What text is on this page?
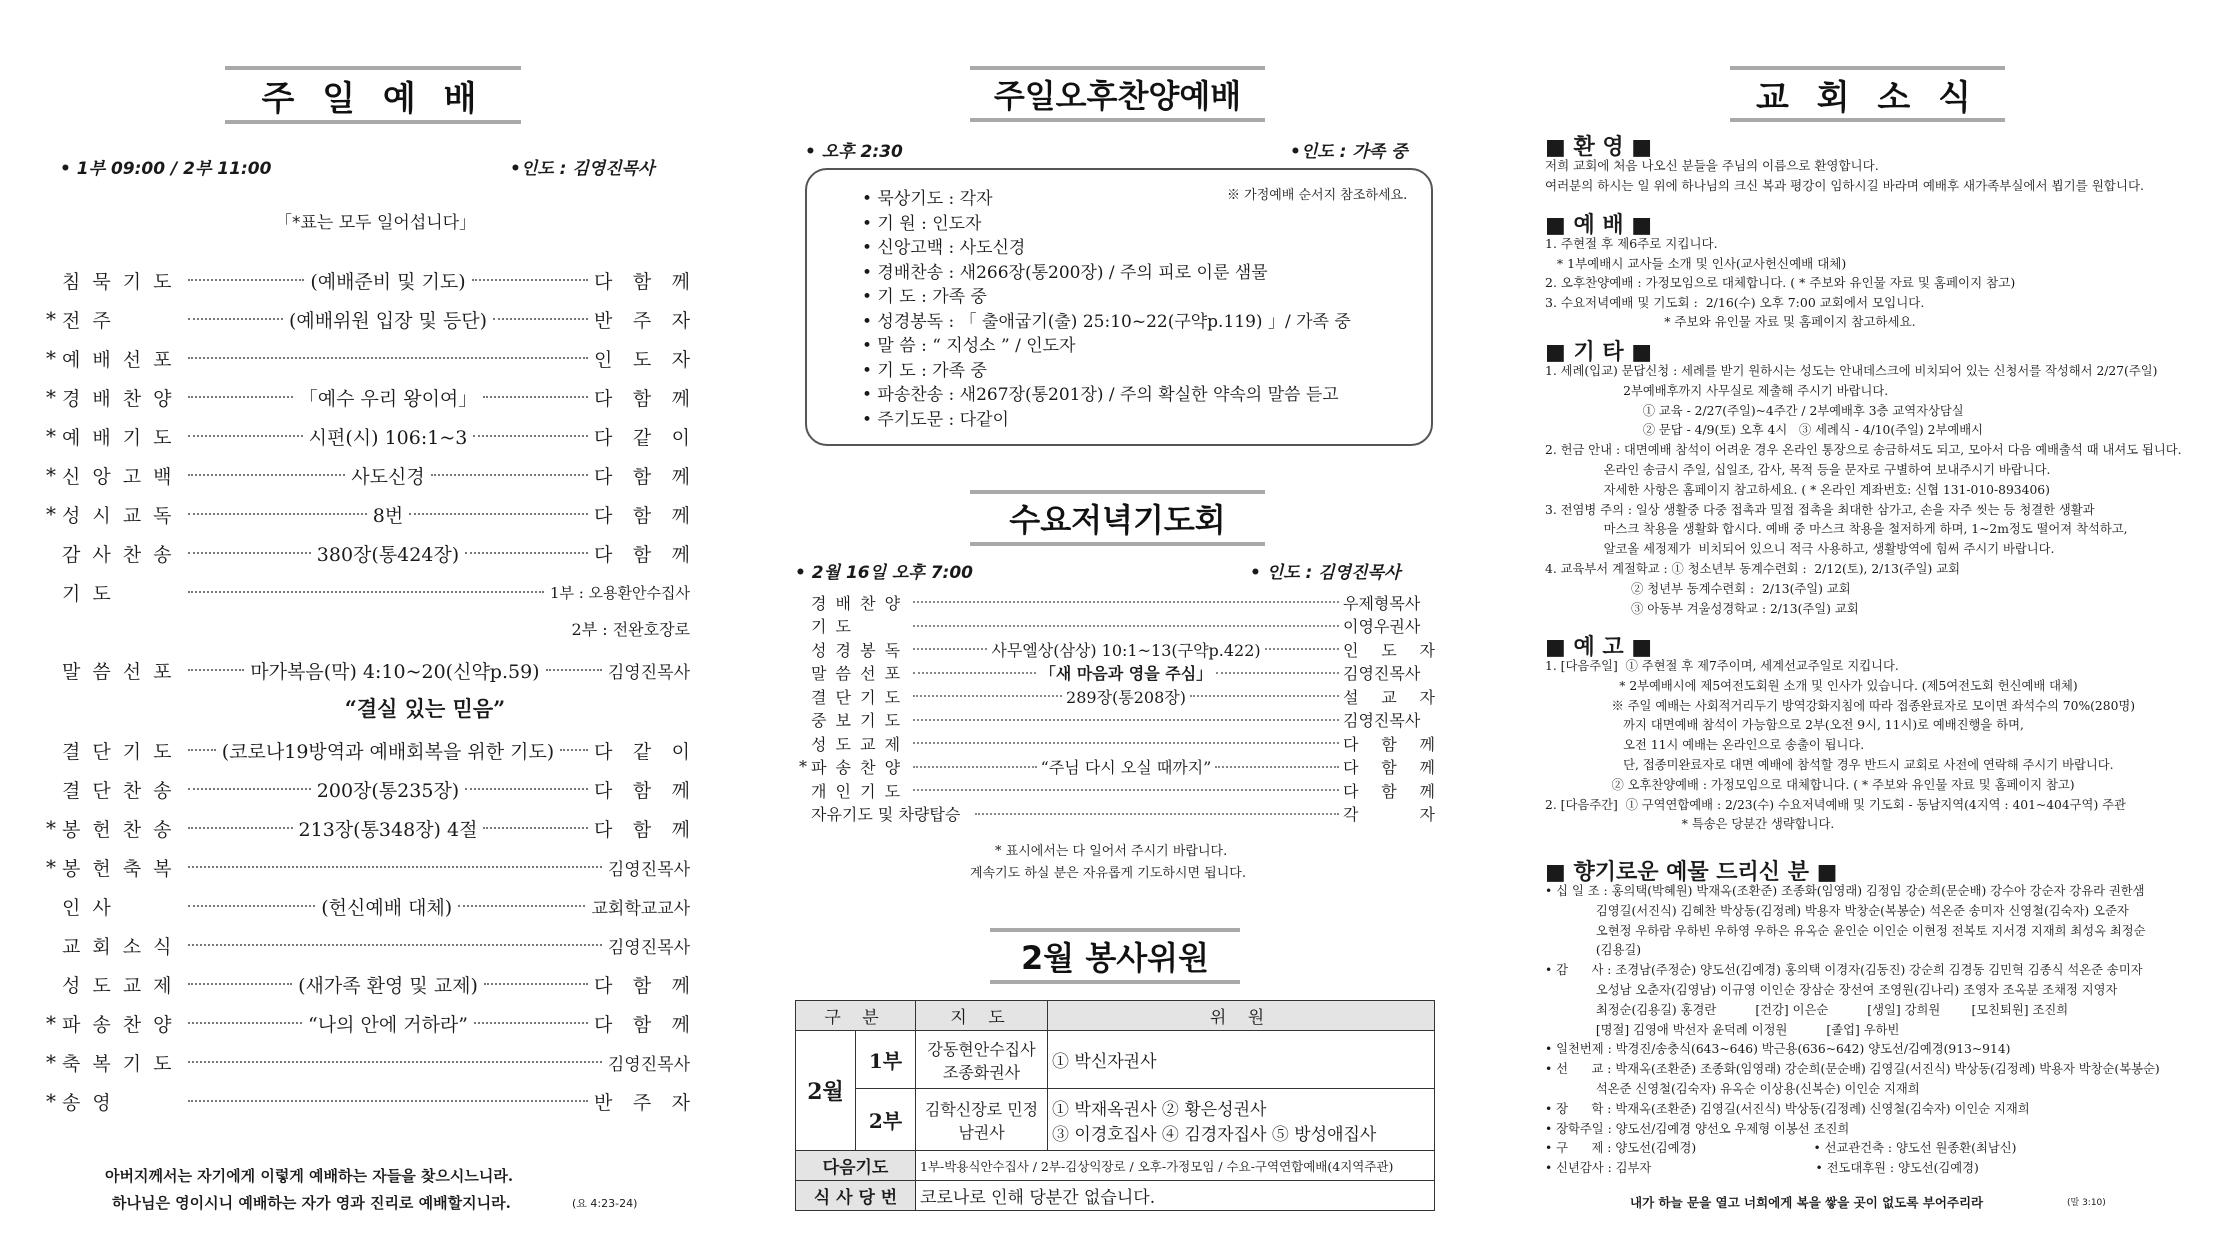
주 일 예 배
• 1부 09:00 / 2부 11:00	•인도 : 김영진목사
「*표는 모두 일어섭니다」
침 묵 기 도	(예배준비 및 기도)	다 함 께
* 전 주	(예배위원 입장 및 등단)	반 주 자
* 예 배 선 포	인 도 자
* 경 배 찬 양	「예수 우리 왕이여」	다 함 께
* 예 배 기 도	시편(시) 106:1~3	다 같 이
* 신 앙 고 백	사도신경	다 함 께
* 성 시 교 독	8번	다 함 께
감 사 찬 송	380장(통424장)	다 함 께
기 도	1부 : 오용환안수집사
2부 : 전완호장로
말 씀 선 포	마가복음(막) 4:10~20(신약p.59)	김영진목사
“결실 있는 믿음”
결 단 기 도	(코로나19방역과 예배회복을 위한 기도) 다 같 이
결 단 찬 송	200장(통235장)	다 함 께
* 봉 헌 찬 송	213장(통348장) 4절	다 함 께
* 봉 헌 축 복	김영진목사
인 사	(헌신예배 대체)	교회학교교사
교 회 소 식	김영진목사
성 도 교 제	(새가족 환영 및 교제)	다 함 께
* 파 송 찬 양	“나의 안에 거하라”	다 함 께
* 축 복 기 도	김영진목사
* 송 영	반 주 자
아버지께서는 자기에게 이렇게 예배하는 자들을 찾으시느니라.
하나님은 영이시니 예배하는 자가 영과 진리로 예배할지니라.	(요 4:23-24)
주일오후찬양예배
• 오후 2:30	•인도 : 가족 중
※ 가정예배 순서지 참조하세요.
• 묵상기도 : 각자
• 기 원 : 인도자
• 신앙고백 : 사도신경
• 경배찬송 : 새266장(통200장) / 주의 피로 이룬 샘물
• 기 도 : 가족 중
• 성경봉독 : 「 출애굽기(출) 25:10~22(구약p.119) 」/ 가족 중
• 말 씀 : “ 지성소 ” / 인도자
• 기 도 : 가족 중
• 파송찬송 : 새267장(통201장) / 주의 확실한 약속의 말씀 듣고
• 주기도문 : 다같이
수요저녁기도회
• 2월 16일 오후 7:00	• 인도 : 김영진목사
경 배 찬 양	우제형목사
기 도	이영우권사
성 경 봉 독	사무엘상(삼상) 10:1~13(구약p.422)	인 도 자
말 씀 선 포	「새 마음과 영을 주심」	김영진목사
결 단 기 도	289장(통208장)	설 교 자
중 보 기 도	김영진목사
성 도 교 제	다 함 께
* 파 송 찬 양	“주님 다시 오실 때까지”	다 함 께
개 인 기 도	다 함 께
자유기도 및 차량탑승	각 자
* 표시에서는 다 일어서 주시기 바랍니다.
계속기도 하실 분은 자유롭게 기도하시면 됩니다.
2월 봉사위원
구 분		지 도	위 원
2월	1부	강동현안수집사 조종화권사	① 박신자권사
	2부	김학신장로 민정남권사	① 박재옥권사 ② 황은성권사
③ 이경호집사 ④ 김경자집사 ⑤ 방성애집사

다음기도		1부-박용식안수집사 / 2부-김상익장로 / 오후-가정모임 / 수요-구역연합예배(4지역주관)	
식 사 당 번		코로나로 인해 당분간 없습니다.	
교 회 소 식
■ 환 영 ■
저희 교회에 처음 나오신 분들을 주님의 이름으로 환영합니다.
여러분의 하시는 일 위에 하나님의 크신 복과 평강이 임하시길 바라며 예배후 새가족부실에서 뵙기를 원합니다.
■ 예 배 ■
1. 주현절 후 제6주로 지킵니다.
* 1부예배시 교사들 소개 및 인사(교사헌신예배 대체)
2. 오후찬양예배 : 가정모임으로 대체합니다. ( * 주보와 유인물 자료 및 홈페이지 참고)
3. 수요저녁예배 및 기도회 :  2/16(수) 오후 7:00 교회에서 모입니다.
* 주보와 유인물 자료 및 홈페이지 참고하세요.
■ 기 타 ■
1. 세례(입교) 문답신청 : 세례를 받기 원하시는 성도는 안내데스크에 비치되어 있는 신청서를 작성해서 2/27(주일)
2부예배후까지 사무실로 제출해 주시기 바랍니다.
① 교육 - 2/27(주일)~4주간 / 2부예배후 3층 교역자상담실
② 문답 - 4/9(토) 오후 4시   ③ 세례식 - 4/10(주일) 2부예배시
2. 헌금 안내 : 대면예배 참석이 어려운 경우 온라인 통장으로 송금하셔도 되고, 모아서 다음 예배출석 때 내셔도 됩니다.
온라인 송금시 주일, 십일조, 감사, 목적 등을 문자로 구별하여 보내주시기 바랍니다.
자세한 사항은 홈페이지 참고하세요. ( * 온라인 계좌번호: 신협 131-010-893406)
3. 전염병 주의 : 일상 생활중 다중 접촉과 밀접 접촉을 최대한 삼가고, 손을 자주 씻는 등 청결한 생활과
마스크 착용을 생활화 합시다. 예배 중 마스크 착용을 철저하게 하며, 1~2m정도 떨어져 착석하고,
알코올 세정제가  비치되어 있으니 적극 사용하고, 생활방역에 힘써 주시기 바랍니다.
4. 교육부서 계절학교 : ① 청소년부 동계수련회 :  2/12(토), 2/13(주일) 교회
② 청년부 동계수련회 :  2/13(주일) 교회
③ 아동부 겨울성경학교 : 2/13(주일) 교회
■ 예 고 ■
1. [다음주일]  ① 주현절 후 제7주이며, 세계선교주일로 지킵니다.
* 2부예배시에 제5여전도회원 소개 및 인사가 있습니다. (제5여전도회 헌신예배 대체)
※ 주일 예배는 사회적거리두기 방역강화지침에 따라 접종완료자로 모이면 좌석수의 70%(280명)
까지 대면예배 참석이 가능함으로 2부(오전 9시, 11시)로 예배진행을 하며,
오전 11시 예배는 온라인으로 송출이 됩니다.
단, 접종미완료자로 대면 예배에 참석할 경우 반드시 교회로 사전에 연락해 주시기 바랍니다.
② 오후찬양예배 : 가정모임으로 대체합니다. ( * 주보와 유인물 자료 및 홈페이지 참고)
2. [다음주간]  ① 구역연합예배 : 2/23(수) 수요저녁예배 및 기도회 - 동남지역(4지역 : 401~404구역) 주관
* 특송은 당분간 생략합니다.
■ 향기로운 예물 드리신 분 ■
• 십 일 조 : 홍의택(박혜원) 박재옥(조환준) 조종화(임영래) 김정임 강순희(문순배) 강수아 강순자 강유라 권한샘
김영길(서진식) 김혜찬 박상동(김정례) 박용자 박창순(복봉순) 석온준 송미자 신영철(김숙자) 오준자
오현정 우하람 우하빈 우하영 우하은 유옥순 윤인순 이인순 이현정 전복토 지서경 지재희 최성옥 최정순
(김용길)
• 감      사 : 조경남(주정순) 양도선(김예경) 홍의택 이경자(김동진) 강순희 김경동 김민혁 김종식 석온준 송미자
오성남 오춘자(김영남) 이규영 이인순 장삼순 장선여 조영원(김나리) 조영자 조옥분 조채정 지영자
최정순(김용길) 홍경란          [건강] 이은순          [생일] 강희원        [모친퇴원] 조진희
[명절] 김영애 박선자 윤덕례 이정원          [졸업] 우하빈
• 일천번제 : 박경진/송충식(643~646) 박근용(636~642) 양도선/김예경(913~914)
• 선      교 : 박재옥(조환준) 조종화(임영래) 강순희(문순배) 김영길(서진식) 박상동(김정례) 박용자 박창순(복봉순)
석온준 신영철(김숙자) 유옥순 이상용(신복순) 이인순 지재희
• 장      학 : 박재옥(조환준) 김영길(서진식) 박상동(김정례) 신영철(김숙자) 이인순 지재희
• 장학주일 : 양도선/김예경 양선오 우제형 이봉선 조진희
• 구      제 : 양도선(김예경)                              • 선교관건축 : 양도선 원종환(최남신)
• 신년감사 : 김부자                                          • 전도대후원 : 양도선(김예경)
내가 하늘 문을 열고 너희에게 복을 쌓을 곳이 없도록 부어주리라	(말 3:10)
